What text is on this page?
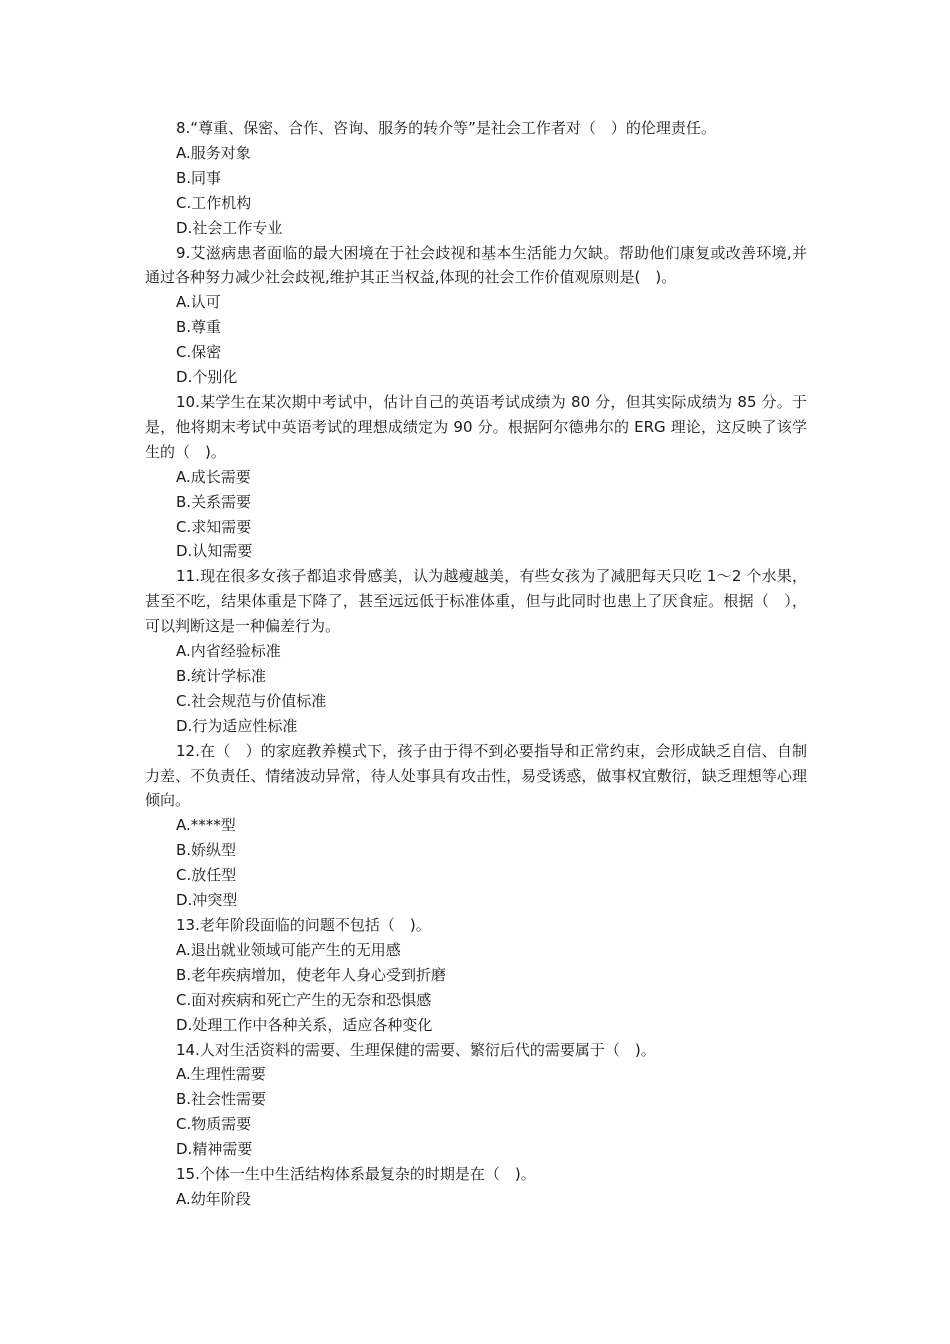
8.“尊重、保密、合作、咨询、服务的转介等”是社会工作者对（　）的伦理责任。

A.服务对象

B.同事

C.工作机构

D.社会工作专业

9.艾滋病患者面临的最大困境在于社会歧视和基本生活能力欠缺。帮助他们康复或改善环境,并通过各种努力减少社会歧视,维护其正当权益,体现的社会工作价值观原则是(　)。

A.认可

B.尊重

C.保密

D.个别化

10.某学生在某次期中考试中，估计自己的英语考试成绩为 80 分，但其实际成绩为 85 分。于是，他将期末考试中英语考试的理想成绩定为 90 分。根据阿尔德弗尔的 ERG 理论，这反映了该学生的（　)。

A.成长需要

B.关系需要

C.求知需要

D.认知需要

11.现在很多女孩子都追求骨感美，认为越瘦越美，有些女孩为了减肥每天只吃 1～2 个水果，甚至不吃，结果体重是下降了，甚至远远低于标准体重，但与此同时也患上了厌食症。根据（　），可以判断这是一种偏差行为。

A.内省经验标准

B.统计学标准

C.社会规范与价值标准

D.行为适应性标准

12.在（　）的家庭教养模式下，孩子由于得不到必要指导和正常约束，会形成缺乏自信、自制力差、不负责任、情绪波动异常，待人处事具有攻击性，易受诱惑，做事权宜敷衍，缺乏理想等心理倾向。

A.****型

B.娇纵型

C.放任型

D.冲突型

13.老年阶段面临的问题不包括（　)。

A.退出就业领域可能产生的无用感

B.老年疾病增加，使老年人身心受到折磨

C.面对疾病和死亡产生的无奈和恐惧感

D.处理工作中各种关系，适应各种变化

14.人对生活资料的需要、生理保健的需要、繁衍后代的需要属于（　)。

A.生理性需要

B.社会性需要

C.物质需要

D.精神需要

15.个体一生中生活结构体系最复杂的时期是在（　)。

A.幼年阶段
